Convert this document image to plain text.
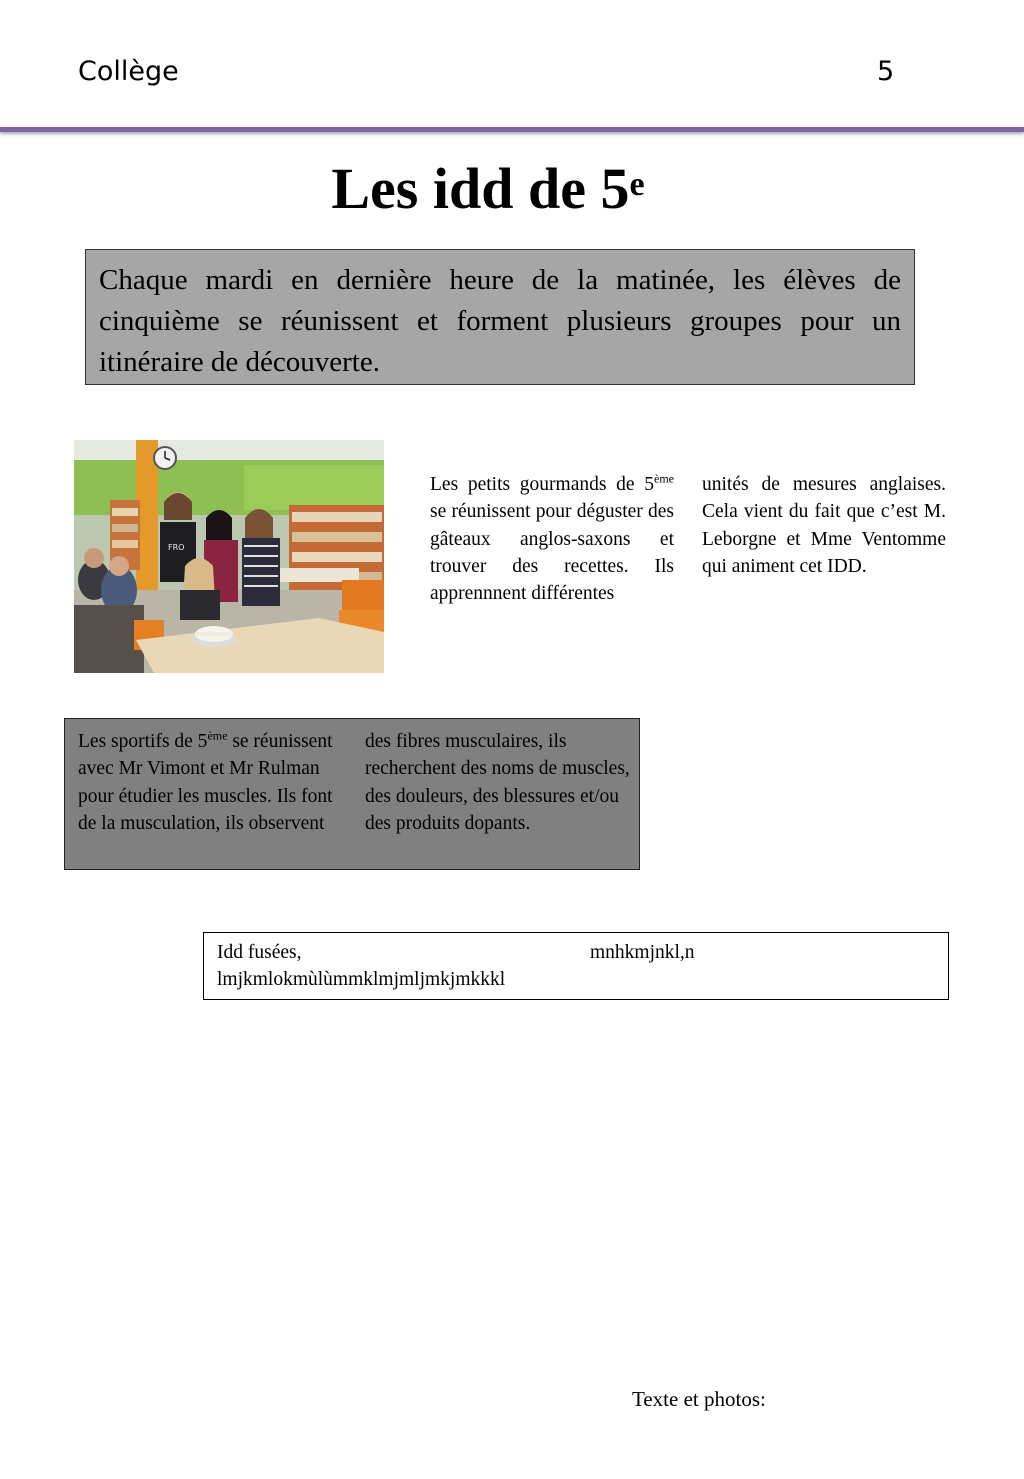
Collège	5
Les idd de 5e
Chaque mardi en dernière heure de la matinée, les élèves de cinquième se réunissent et forment plusieurs groupes pour un itinéraire de découverte.
FRO
Les petits gourmands de 5ème se réunissent pour déguster des gâteaux anglos-saxons et trouver des recettes. Ils apprennnent différentes
unités de mesures anglaises. Cela vient du fait que c’est M. Leborgne et Mme Ventomme qui animent cet IDD.
Les sportifs de 5ème se réunissent avec Mr Vimont et Mr Rulman pour étudier les muscles. Ils font de la musculation, ils observent
des fibres musculaires, ils recherchent des noms de muscles, des douleurs, des blessures et/ou des produits dopants.
Idd fusées,	mnhkmjnkl,n
lmjkmlokmùlùmmklmjmljmkjmkkkl
Texte et photos:
